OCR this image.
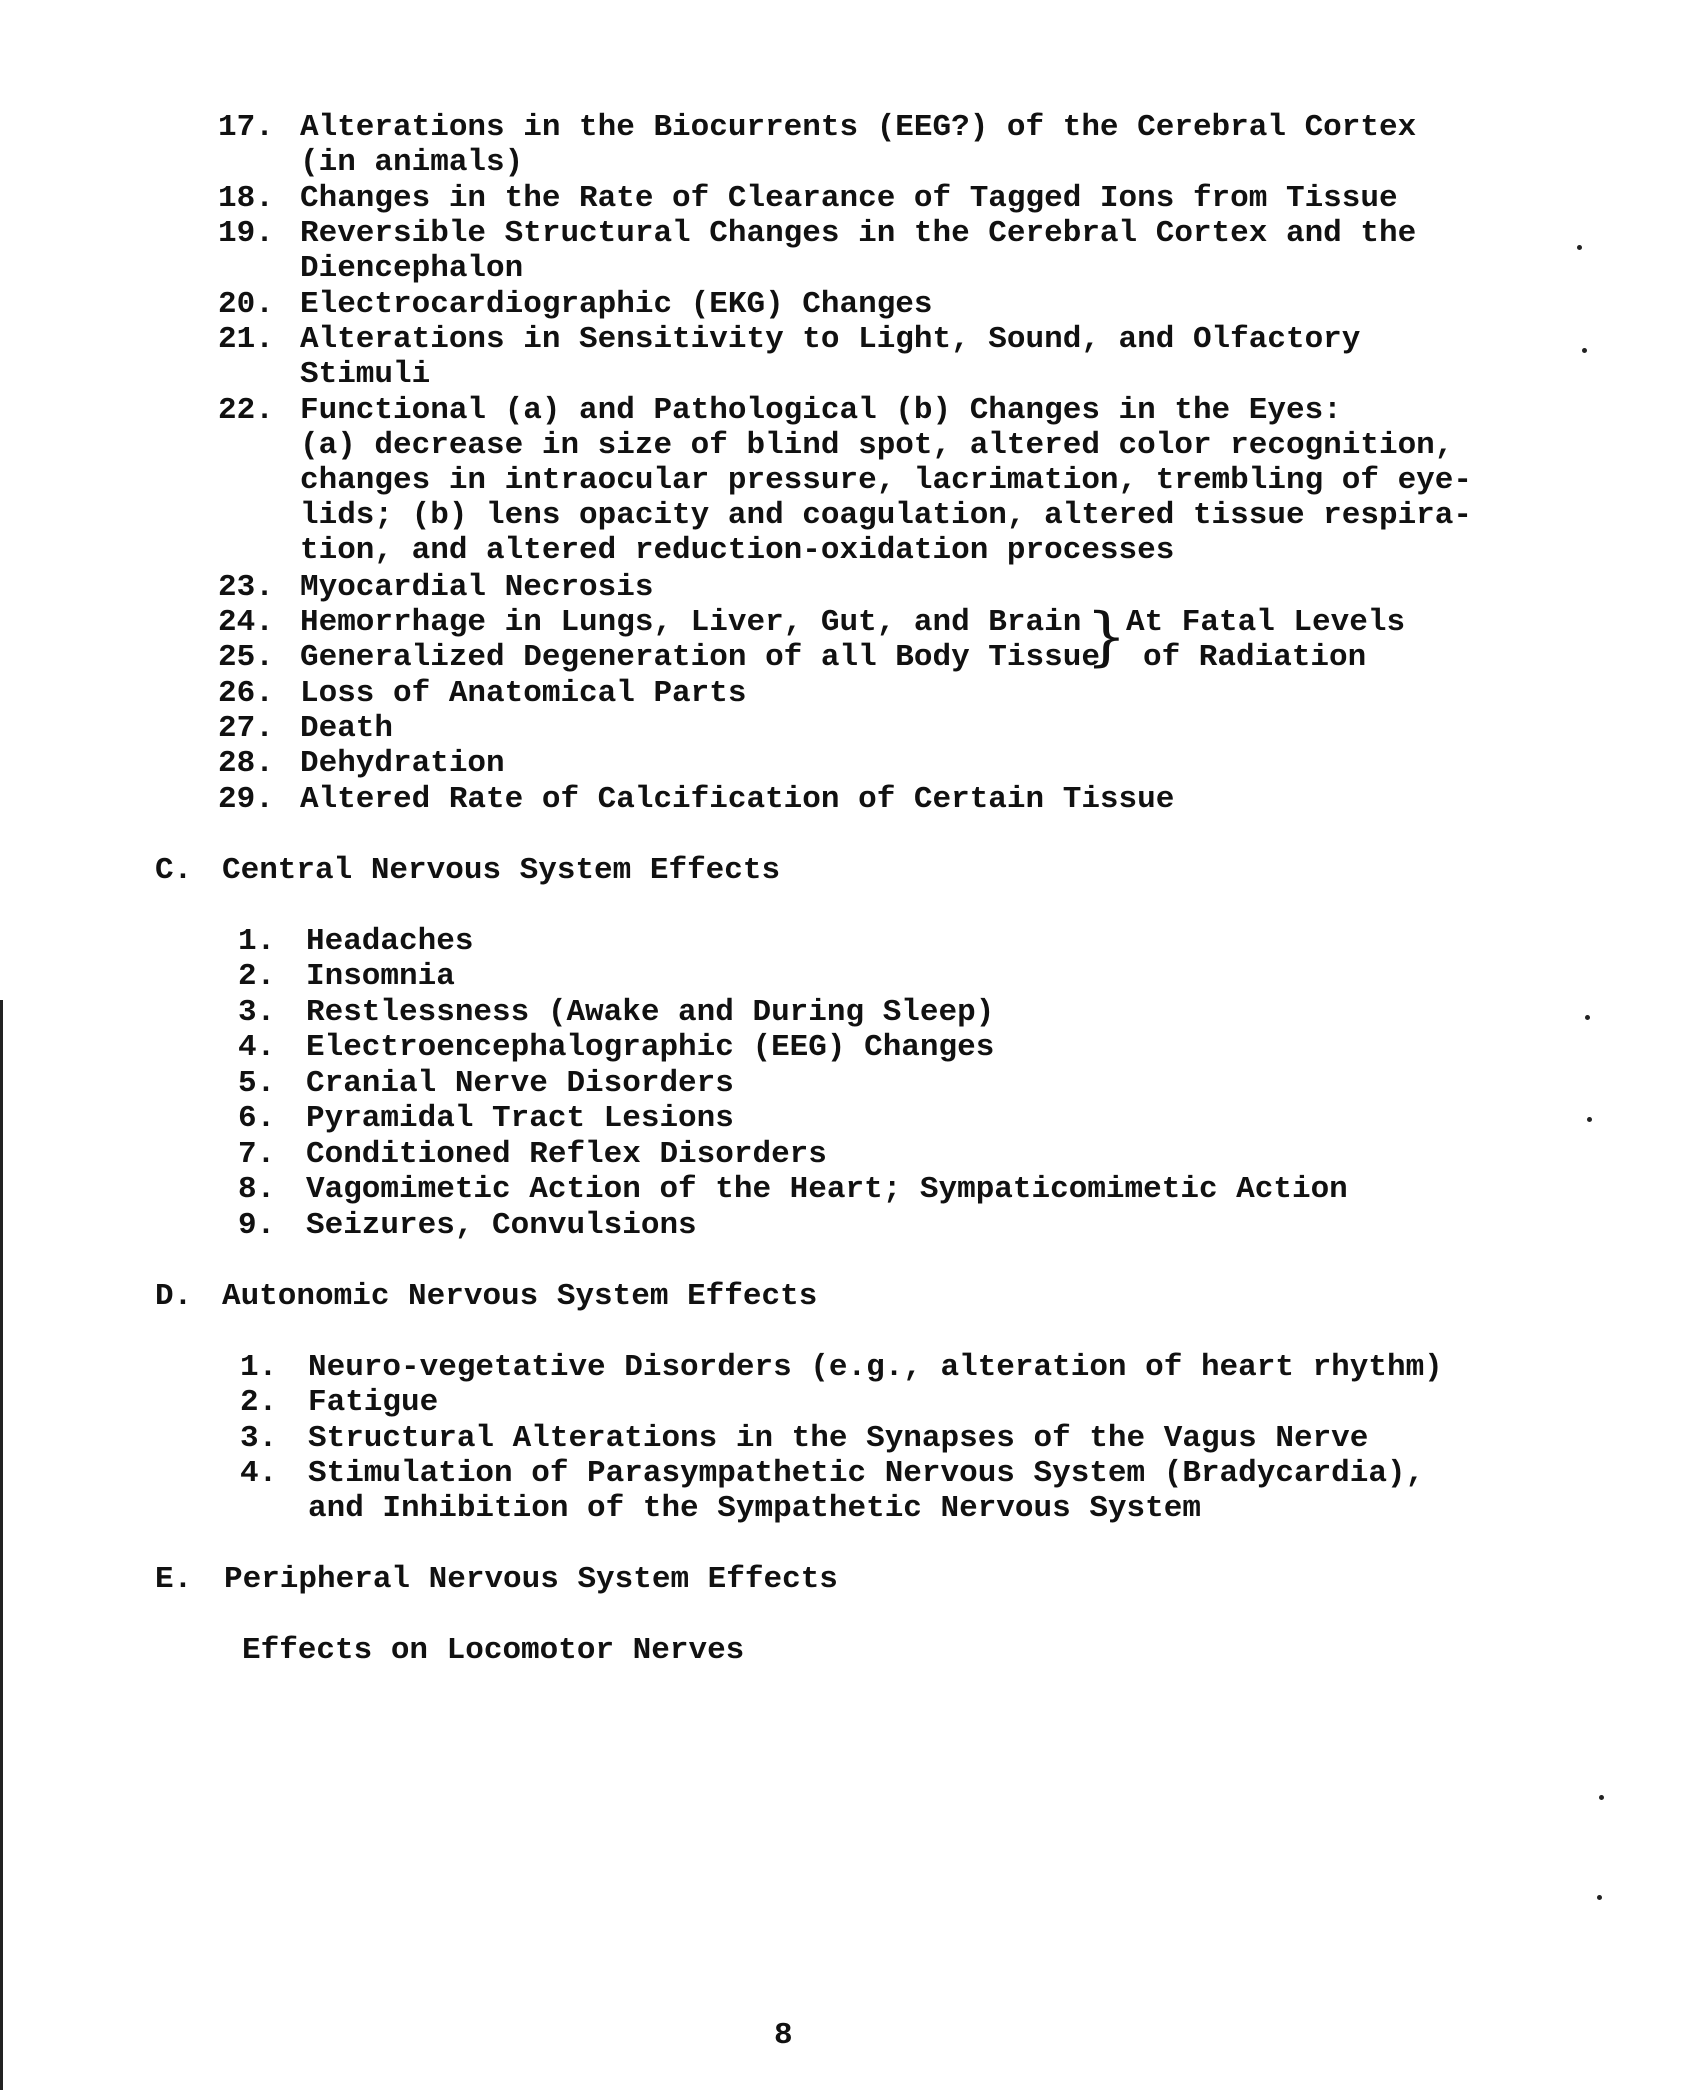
17. Alterations in the Biocurrents (EEG?) of the Cerebral Cortex
(in animals)
18. Changes in the Rate of Clearance of Tagged Ions from Tissue
19. Reversible Structural Changes in the Cerebral Cortex and the
Diencephalon
20. Electrocardiographic (EKG) Changes
21. Alterations in Sensitivity to Light, Sound, and Olfactory
Stimuli
22. Functional (a) and Pathological (b) Changes in the Eyes:
(a) decrease in size of blind spot, altered color recognition,
changes in intraocular pressure, lacrimation, trembling of eye-
lids; (b) lens opacity and coagulation, altered tissue respira-
tion, and altered reduction-oxidation processes
23. Myocardial Necrosis
24. Hemorrhage in Lungs, Liver, Gut, and Brain
25. Generalized Degeneration of all Body Tissue
} At Fatal Levels
of Radiation
26. Loss of Anatomical Parts
27. Death
28. Dehydration
29. Altered Rate of Calcification of Certain Tissue
C. Central Nervous System Effects
1. Headaches
2. Insomnia
3. Restlessness (Awake and During Sleep)
4. Electroencephalographic (EEG) Changes
5. Cranial Nerve Disorders
6. Pyramidal Tract Lesions
7. Conditioned Reflex Disorders
8. Vagomimetic Action of the Heart; Sympaticomimetic Action
9. Seizures, Convulsions
D. Autonomic Nervous System Effects
1. Neuro-vegetative Disorders (e.g., alteration of heart rhythm)
2. Fatigue
3. Structural Alterations in the Synapses of the Vagus Nerve
4. Stimulation of Parasympathetic Nervous System (Bradycardia),
and Inhibition of the Sympathetic Nervous System
E. Peripheral Nervous System Effects
Effects on Locomotor Nerves
8
